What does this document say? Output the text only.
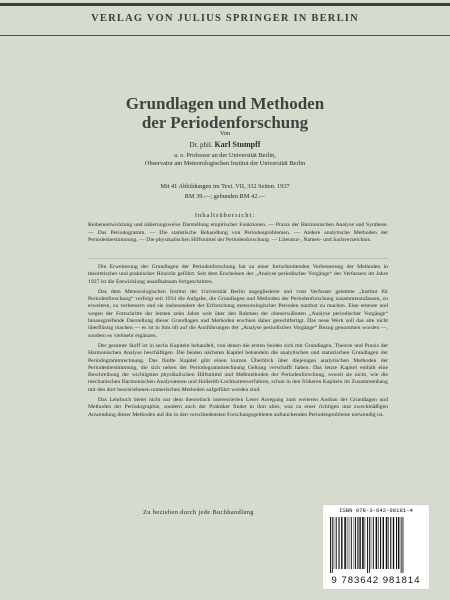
VERLAG VON JULIUS SPRINGER IN BERLIN
Grundlagen und Methoden
der Periodenforschung
Von
Dr. phil. Karl Stumpff
a. o. Professor an der Universität Berlin,
Observator am Meteorologischen Institut der Universität Berlin
Mit 41 Abbildungen im Text. VII, 332 Seiten. 1937
RM 39.—; gebunden RM 42.—
Inhaltsübersicht:
Reihenentwicklung und näherungsweise Darstellung empirischer Funktionen. — Praxis der Harmonischen Analyse und Synthese. — Das Periodogramm. — Die statistische Behandlung von Periodenproblemen. — Andere analytische Methoden der Periodenbestimmung. — Die physikalischen Hilfsmittel der Periodenforschung. — Literatur-, Namen- und Sachverzeichnis.

Die Erweiterung der Grundlagen der Periodenforschung hat zu einer fortschreitenden Verbesserung der Methoden in theoretischer und praktischer Hinsicht geführt. Seit dem Erscheinen der „Analyse periodischer Vorgänge“ des Verfassers im Jahre 1927 ist die Entwicklung unaufhaltsam fortgeschritten.

Das dem Meteorologischen Institut der Universität Berlin angegliederte und vom Verfasser geleitete „Institut für Periodenforschung“ verfolgt seit 1934 die Aufgabe, die Grundlagen und Methoden der Periodenforschung zusammenzufassen, zu erweitern, zu verbessern und sie insbesondere der Erforschung meteorologischer Perioden nutzbar zu machen. Eine erneute und wegen der Fortschritte der letzten zehn Jahre weit über den Rahmen der obenerwähnten „Analyse periodischer Vorgänge“ hinausgreifende Darstellung dieser Grundlagen und Methoden erschien daher gerechtfertigt. Das neue Werk soll das alte nicht überflüssig machen — es ist in ihm oft auf die Ausführungen der „Analyse periodischer Vorgänge“ Bezug genommen worden —, sondern es vielmehr ergänzen.

Der gesamte Stoff ist in sechs Kapiteln behandelt, von denen die ersten beiden sich mit Grundlagen, Theorie und Praxis der Harmonischen Analyse beschäftigen. Die beiden nächsten Kapitel behandeln die analytischen und statistischen Grundlagen der Periodogrammrechnung. Das fünfte Kapitel gibt einen kurzen Überblick über diejenigen analytischen Methoden der Periodenbestimmung, die sich neben der Periodogrammrechnung Geltung verschafft haben. Das letzte Kapitel enthält eine Beschreibung der wichtigsten physikalischen Hilfsmittel und Meßmethoden der Periodenforschung, soweit sie nicht, wie die mechanischen Harmonischen Analysatoren und Hollerith-Lochkartenverfahren, schon in den früheren Kapiteln im Zusammenhang mit den dort beschriebenen numerischen Methoden aufgeführt worden sind.

Das Lehrbuch bietet nicht nur dem theoretisch interessierten Leser Anregung zum weiteren Ausbau der Grundlagen und Methoden der Periodographie, sondern auch der Praktiker findet in ihm alles, was zu einer richtigen und zweckmäßigen Anwendung dieser Methoden auf die in den verschiedensten Forschungsgebieten auftauchenden Periodenprobleme notwendig ist.

Zu beziehen durch jede Buchhandlung	ISBN 978-3-642-98181-4
9 783642 981814
